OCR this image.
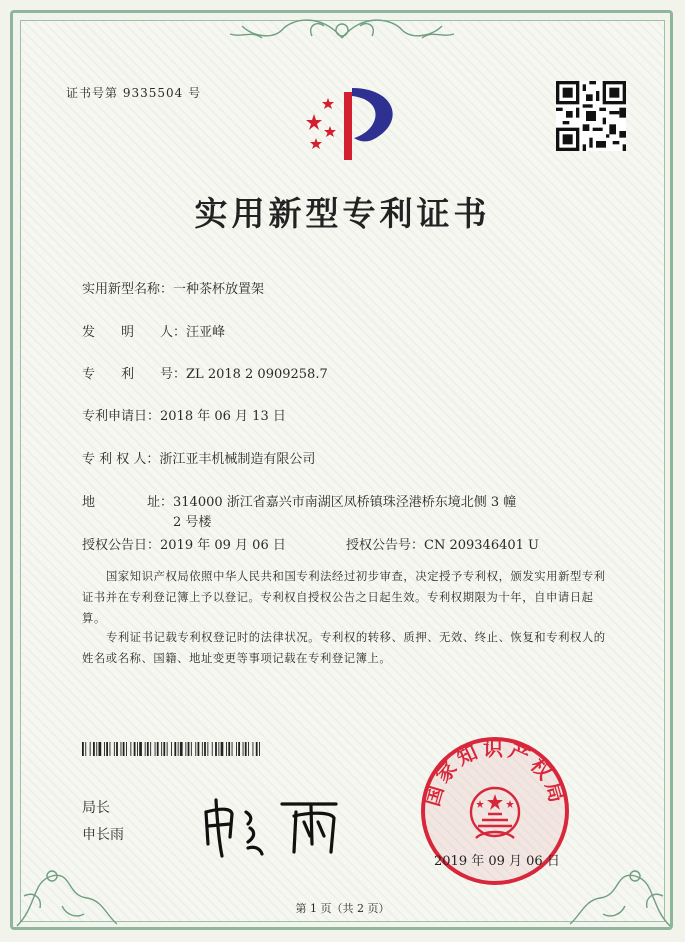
证书号第 9335504 号
实用新型专利证书
实用新型名称：一种茶杯放置架
发　　明　　人：汪亚峰
专　　利　　号：ZL 2018 2 0909258.7
专利申请日：2018 年 06 月 13 日
专 利 权 人：浙江亚丰机械制造有限公司
地　　　　址：314000 浙江省嘉兴市南湖区凤桥镇珠泾港桥东境北侧 3 幢
2 号楼
授权公告日：2019 年 09 月 06 日	授权公告号：CN 209346401 U

国家知识产权局依照中华人民共和国专利法经过初步审查，决定授予专利权，颁发实用新型专利证书并在专利登记簿上予以登记。专利权自授权公告之日起生效。专利权期限为十年，自申请日起算。

专利证书记载专利权登记时的法律状况。专利权的转移、质押、无效、终止、恢复和专利权人的姓名或名称、国籍、地址变更等事项记载在专利登记簿上。

局长
申长雨
国家知识产权局
2019 年 09 月 06 日
第 1 页（共 2 页）
